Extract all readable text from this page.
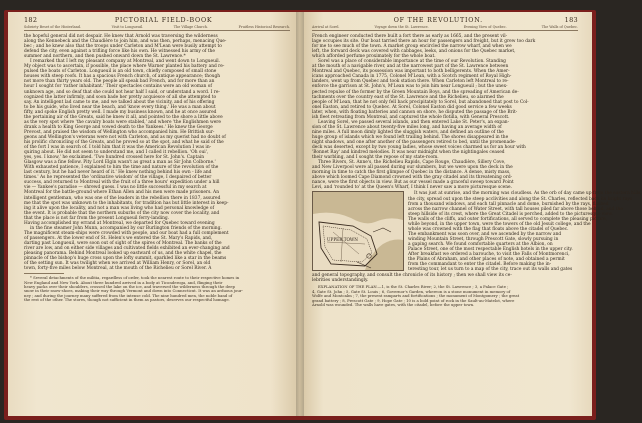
182	PICTORIAL FIELD-BOOK
Sobriety Beset of the Hinterland.	Visit to Longueuil.	The Village Church.	Fruitless Historical Research.
the hopeful general did not despair. He knew that Arnold was traversing the wilderness
along the Kennebeck and the Chaudière to join him, and was then, perhaps, menacing Que-
bec ; and he knew also that the troops under Carleton and M'Lean were busily attempt to
defend the city, even against a trifling force like his own. He witnessed his army of the
summer and northern, and then pushed onward down the St. Lawrence.*
I remarked that I left my pleasant company at Montreal, and went down to Longueuil.
My object was to ascertain, if possible, the place where Warner planted his battery and re-
pulsed the boats of Carleton. Longueuil is an old town, chiefly composed of small stone
houses with steep roofs. It has a spacious French church, of antique appearance; though
not more than thirty years old. The people all speak bad French, and for more than an
hour I sought for 'rather inhabitant.' Their spectacles contains were an old woman of
unknown age, and so deaf that she could not hear half I said, or understand a word. I re-
cognized the latter infirmly, and soon bade her pretty acquiesce of all she attempted to
say. An intelligent lad came to me, and we talked about the vicinity, and of his offering
to be his guide, who lived near the beach, and 'know every thing.' He was a man about
fifty, and spoke English pretty well. I made my business known, and he at once assured
the pertaining air of the Greats, said he knew it all, and pointed to the shore a little above
as the very spot where 'the cavalry boats were stabled,' and where 'the Englishmen were
drank a health to King George and vowed death to the Yankees.' He knew the George
Prevost, and praised the wisdom of Wellington who accompanied him. He Brittish sur-
geons and Wellington's veterans were not with Carleton, and as my querist had no doubt of
his prolific chronicling of the Greats, and he proved so at the spot, and what he said of the
of the fort I was in search of. I told him that it was the American Revolution I was in-
quiring about. He did not seem to understand me, and I called it rebellion. 'Oh oui',
yes, yes. I know,' he exclaimed. 'Two hundred crossed here for St. John's. Captain
Glasgow was a fine fellow. Pity Lord Elgin wasn't as great a man as Sir John Colborne.'
With exhausted patience, I explained to him the time and nature of the revolution of the
last century, but he had never heard of it.' He knew nothing behind his own - life and
times.' As he represented the 'ordinative wisdom' of the village, I despaired of better
success, and returned to Montreal with the fruit of a three hours' expedition under a hill
vie — Yankee's paradise — shrewd guess. I was no little successful in my search at
Montreal for the battle-ground where Ethan Allen and his men were made prisoners. An
intelligent gentleman, who was one of the leaders in the rebellion there in 1837, assured
me that the spot was unknown to the inhabitants, for tradition has but little interest in keep-
ing it alive upon the locality, and not a man was living who had personal knowledge of
the event. It is probable that the northern suburbs of the city now cover the locality, and
that the place is not far from the present Longueuil ferry-landing.
Having accomplished my errand at Montreal, we departed for Quebec toward evening
in the fine steamer John Munn, accompanied by our Burlington friends of the morning.
The magnificent steam-ships were crowded with people, and our boat had a full complement
of passengers. At the lower end of St. Helen's we entered the St. Mary's Rapids, and,
darting past Longueuil, were soon out of sight of the spires of Montreal. The banks of the
river are low, and on either side villages and cultivated fields exhibited an ever-changing and
pleasing panorama. Behind Montreal looked up eastward of us, and the white chapel, the
pinnacle of the bishop's huge cross upon the lofty summit, sparkled like a star in the beams
of the setting sun. It was twilight when we arrived at William Henry, or Sorel, an old
town, forty-five miles below Montreal, at the mouth of the Richelieu or Sorel River. A
* Several detachments of the militia, regardless of order, took the nearest route to their respective homes in
New England and New York. About three hundred arrived in a body at Ticonderoga, and, flinging their
heavy packs over their shoulders, crossed the lake on the ice, and traversed the wilderness through the deep
snow in their snow-shoes, making their way through Vermont and down into Connecticut. It was an arduous jour-
ney ; and during the journey many suffered from the intense cold. The nine hundred men, the noble band of
the rest of the other. The stores, though not sufficient in them as pastors, deserves our respectful homage.
OF THE REVOLUTION.	183
Arrival at Sorel.	Voyage down the St. Lawrence.	Evening View of Quebec.	The Walls of Quebec.
French engineer conducted there built a fort there as early as 1665, and the present vil-
lage occupies its site. Our boat tarried there an hour for passengers and freight, but it grew too dark
for me to see much of the town. A market group encircled the narrow wharf, and when we
left, the forward deck was covered with cabbages, leeks, and onions for the Quebec market,
which afforded perfume proximately for the whole boat.
Sorel was a place of considerable importance at the time of our Revolution. Standing
at the mouth of a navigable river, and at the narrowest part of the St. Lawrence between
Montreal and Quebec, its possession was important to both belligerents. When the Amer-
icans approached Canada in 1775, Colonel M'Lean, with a Scotch regiment of Royal High-
landers, went up from Quebec and took station there. When Carleton left Montreal to re-
enforce the garrison at St. John's, M'Lean was to join him near Longueuil ; but the unex-
pected repulse of the former by the Green Mountain Boys, and the spreading of American de-
tachments over the country east of the St. Lawrence and the Richelieu, so alarmed the
people of M'Lean, that he not only fell back precipitately to Sorel, but abandoned that post to Col-
onel Easton, and retired to Quebec. At Sorel, Colonel Easton did good service a few weeks
later, when, with floating batteries and cannon on shore, he disputed the passage of the Brit-
ish fleet retreating from Montreal, and captured the whole flotilla, with General Prescott.
Leaving Sorel, we passed several islands, and then entered Lake St. Peter's, an expan-
sion of the St. Lawrence about twenty-five miles long, and having an average width of
nine miles. A full moon dimly lighted the sluggish waters, and defined an outline of the
huge group of islands which we found left trailing behind. The shores disappeared in the
night shadows, and one after another of the passengers retired to bed, until the promenade-
deck was deserted, except by two young ladies, whose sweet voices charmed us for an hour with
'Bonnet Ray' and kindred melodies. It was near midnight when the nightingales ceased
their warbling, and I sought the repose of my state-room.
Three Rivers, St. Anne's, the Richelieu Rapids, Cape Rouge, Chaudière, Sillery Cove,
and New Liverpool were all passed during our slumbers, but we were upon the deck in the
morning in time to catch the first glimpse of Quebec in the distance. A dense, misty mass,
above which loomed Cape Diamond crowned with the gray citadel and its threatening ord-
nance, were the first objects in view. But as our vessel made a graceful sweep toward Point
Levi, and 'rounded to' at the Queen's Wharf, I think I never saw a more picturesque scene.
UPPER TOWN
It was just at sunrise, and the morning was cloudless. As the orb of day came up from the eastern hills,
the city, spread out upon the steep acclivities and along the St. Charles, reflected back its bright rays
from a thousand windows, and each tall pinnacle and dome, burnished by the rays, flashed
across the narrow channel of Water Street, with tall houses piled far above those behind, and the
steep hillside of its crest, where the Great Citadel is perched, added to the picturesque view.
The walls of the cliffs, and outer fortifications, all served to complete the pleasing picture,
while beyond, in the upper town, were the towers of the old Jesuit college, and the
whole was crowned with the flag that floats above the citadel of Quebec.
The embankment was soon over, and we ascended by the narrow and
winding Mountain Street, through Prescott Gate, slowly pursuing in
a gaping search. We found comfortable quarters at the Albion, on
Palace Street, one of the most respectable English hotels in the upper city.
After breakfast we ordered a barouche, to visit the Falls of Montmorenci,
the Plains of Abraham, and other places of note, and obtained a permit
from the commandant to enter the citadel. Before making the in-
teresting tour, let us turn to a map of the city, trace out its walls and gates
and general topography, and consult the chronicle of its history ; then we shall view its ce-
lebrities understandingly.
EXPLANATION OF THE PLAN.—1, is the St. Charles River; 2, the St. Lawrence ; 3, a Palace Gate ;
4, Gate St. John ; 5, Gate St. Louis ; 6, Governor's Garden, whereon is a stone monument in memory of
Wolfe and Montcalm ; 7, the present ramparts and fortifications ; the monument of Montgomery ; the great
grand battery ; 8, Prescott Gate ; 9, Hope Gate ; 10 is a bold point of rock in the Sault-au-Matelot, where
Arnold was wounded. The walls have gates, with the citadel, before the upper town.
